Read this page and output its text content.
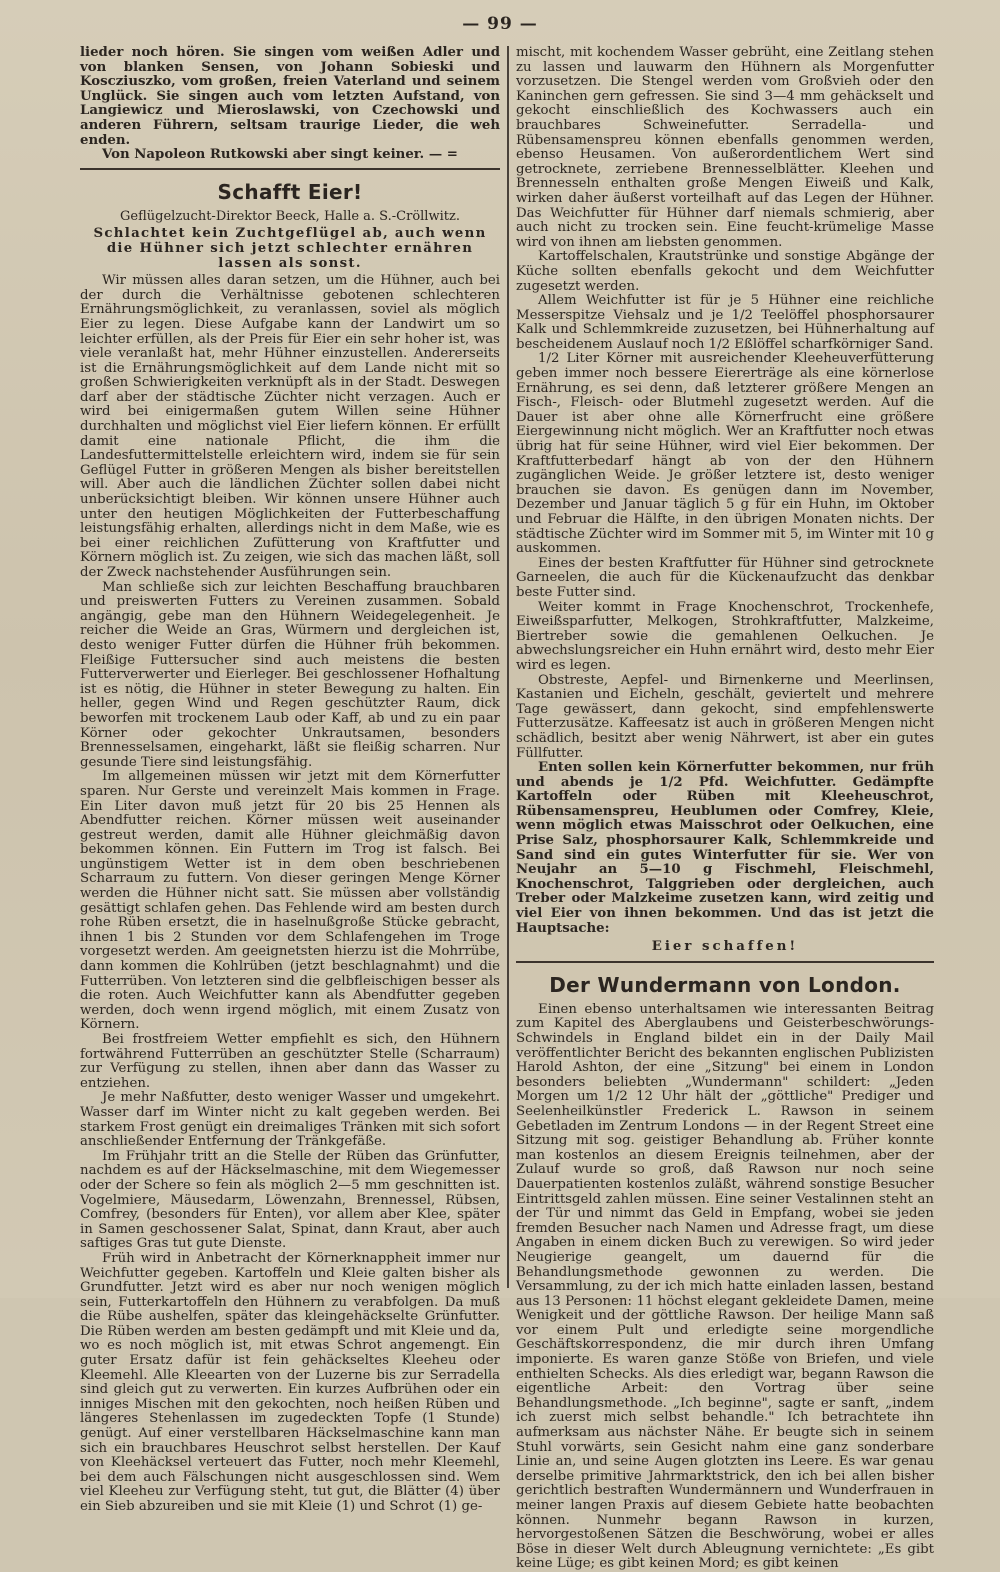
— 99 —

lieder noch hören. Sie singen vom weißen Adler und von blanken Sensen, von Johann Sobieski und Koscziuszko, vom großen, freien Vaterland und seinem Unglück. Sie singen auch vom letzten Aufstand, von Langiewicz und Mieroslawski, von Czechowski und anderen Führern, seltsam traurige Lieder, die weh enden.

Von Napoleon Rutkowski aber singt keiner. — =

Schafft Eier!

Geflügelzucht-Direktor Beeck, Halle a. S.-Cröllwitz.

Schlachtet kein Zuchtgeflügel ab, auch wenn die Hühner sich jetzt schlechter ernähren lassen als sonst.

Wir müssen alles daran setzen, um die Hühner, auch bei der durch die Verhältnisse gebotenen schlechteren Ernährungsmöglichkeit, zu veranlassen, soviel als möglich Eier zu legen. Diese Aufgabe kann der Landwirt um so leichter erfüllen, als der Preis für Eier ein sehr hoher ist, was viele veranlaßt hat, mehr Hühner einzustellen. Andererseits ist die Ernährungsmöglichkeit auf dem Lande nicht mit so großen Schwierigkeiten verknüpft als in der Stadt. Deswegen darf aber der städtische Züchter nicht verzagen. Auch er wird bei einigermaßen gutem Willen seine Hühner durchhalten und möglichst viel Eier liefern können. Er erfüllt damit eine nationale Pflicht, die ihm die Landesfuttermittelstelle erleichtern wird, indem sie für sein Geflügel Futter in größeren Mengen als bisher bereitstellen will. Aber auch die ländlichen Züchter sollen dabei nicht unberücksichtigt bleiben. Wir können unsere Hühner auch unter den heutigen Möglichkeiten der Futterbeschaffung leistungsfähig erhalten, allerdings nicht in dem Maße, wie es bei einer reichlichen Zufütterung von Kraftfutter und Körnern möglich ist. Zu zeigen, wie sich das machen läßt, soll der Zweck nachstehender Ausführungen sein.

Man schließe sich zur leichten Beschaffung brauchbaren und preiswerten Futters zu Vereinen zusammen. Sobald angängig, gebe man den Hühnern Weidegelegenheit. Je reicher die Weide an Gras, Würmern und dergleichen ist, desto weniger Futter dürfen die Hühner früh bekommen. Fleißige Futtersucher sind auch meistens die besten Futterverwerter und Eierleger. Bei geschlossener Hofhaltung ist es nötig, die Hühner in steter Bewegung zu halten. Ein heller, gegen Wind und Regen geschützter Raum, dick beworfen mit trockenem Laub oder Kaff, ab und zu ein paar Körner oder gekochter Unkrautsamen, besonders Brennesselsamen, eingeharkt, läßt sie fleißig scharren. Nur gesunde Tiere sind leistungsfähig.

Im allgemeinen müssen wir jetzt mit dem Körnerfutter sparen. Nur Gerste und vereinzelt Mais kommen in Frage. Ein Liter davon muß jetzt für 20 bis 25 Hennen als Abendfutter reichen. Körner müssen weit auseinander gestreut werden, damit alle Hühner gleichmäßig davon bekommen können. Ein Futtern im Trog ist falsch. Bei ungünstigem Wetter ist in dem oben beschriebenen Scharraum zu futtern. Von dieser geringen Menge Körner werden die Hühner nicht satt. Sie müssen aber vollständig gesättigt schlafen gehen. Das Fehlende wird am besten durch rohe Rüben ersetzt, die in haselnußgroße Stücke gebracht, ihnen 1 bis 2 Stunden vor dem Schlafengehen im Troge vorgesetzt werden. Am geeignetsten hierzu ist die Mohrrübe, dann kommen die Kohlrüben (jetzt beschlagnahmt) und die Futterrüben. Von letzteren sind die gelbfleischigen besser als die roten. Auch Weichfutter kann als Abendfutter gegeben werden, doch wenn irgend möglich, mit einem Zusatz von Körnern.

Bei frostfreiem Wetter empfiehlt es sich, den Hühnern fortwährend Futterrüben an geschützter Stelle (Scharraum) zur Verfügung zu stellen, ihnen aber dann das Wasser zu entziehen.

Je mehr Naßfutter, desto weniger Wasser und umgekehrt. Wasser darf im Winter nicht zu kalt gegeben werden. Bei starkem Frost genügt ein dreimaliges Tränken mit sich sofort anschließender Entfernung der Tränkgefäße.

Im Frühjahr tritt an die Stelle der Rüben das Grünfutter, nachdem es auf der Häckselmaschine, mit dem Wiegemesser oder der Schere so fein als möglich 2—5 mm geschnitten ist. Vogelmiere, Mäusedarm, Löwenzahn, Brennessel, Rübsen, Comfrey, (besonders für Enten), vor allem aber Klee, später in Samen geschossener Salat, Spinat, dann Kraut, aber auch saftiges Gras tut gute Dienste.

Früh wird in Anbetracht der Körnerknappheit immer nur Weichfutter gegeben. Kartoffeln und Kleie galten bisher als Grundfutter. Jetzt wird es aber nur noch wenigen möglich sein, Futterkartoffeln den Hühnern zu verabfolgen. Da muß die Rübe aushelfen, später das kleingehäckselte Grünfutter. Die Rüben werden am besten gedämpft und mit Kleie und da, wo es noch möglich ist, mit etwas Schrot angemengt. Ein guter Ersatz dafür ist fein gehäckseltes Kleeheu oder Kleemehl. Alle Kleearten von der Luzerne bis zur Serradella sind gleich gut zu verwerten. Ein kurzes Aufbrühen oder ein inniges Mischen mit den gekochten, noch heißen Rüben und längeres Stehenlassen im zugedeckten Topfe (1 Stunde) genügt. Auf einer verstellbaren Häckselmaschine kann man sich ein brauchbares Heuschrot selbst herstellen. Der Kauf von Kleehäcksel verteuert das Futter, noch mehr Kleemehl, bei dem auch Fälschungen nicht ausgeschlossen sind. Wem viel Kleeheu zur Verfügung steht, tut gut, die Blätter (4) über ein Sieb abzureiben und sie mit Kleie (1) und Schrot (1) ge-

mischt, mit kochendem Wasser gebrüht, eine Zeitlang stehen zu lassen und lauwarm den Hühnern als Morgenfutter vorzusetzen. Die Stengel werden vom Großvieh oder den Kaninchen gern gefressen. Sie sind 3—4 mm gehäckselt und gekocht einschließlich des Kochwassers auch ein brauchbares Schweinefutter. Serradella- und Rübensamenspreu können ebenfalls genommen werden, ebenso Heusamen. Von außerordentlichem Wert sind getrocknete, zerriebene Brennesselblätter. Kleehen und Brennesseln enthalten große Mengen Eiweiß und Kalk, wirken daher äußerst vorteilhaft auf das Legen der Hühner. Das Weichfutter für Hühner darf niemals schmierig, aber auch nicht zu trocken sein. Eine feucht-krümelige Masse wird von ihnen am liebsten genommen.

Kartoffelschalen, Krautstrünke und sonstige Abgänge der Küche sollten ebenfalls gekocht und dem Weichfutter zugesetzt werden.

Allem Weichfutter ist für je 5 Hühner eine reichliche Messerspitze Viehsalz und je 1/2 Teelöffel phosphorsaurer Kalk und Schlemmkreide zuzusetzen, bei Hühnerhaltung auf bescheidenem Auslauf noch 1/2 Eßlöffel scharfkörniger Sand.

1/2 Liter Körner mit ausreichender Kleeheuverfütterung geben immer noch bessere Eiererträge als eine körnerlose Ernährung, es sei denn, daß letzterer größere Mengen an Fisch-, Fleisch- oder Blutmehl zugesetzt werden. Auf die Dauer ist aber ohne alle Körnerfrucht eine größere Eiergewinnung nicht möglich. Wer an Kraftfutter noch etwas übrig hat für seine Hühner, wird viel Eier bekommen. Der Kraftfutterbedarf hängt ab von der den Hühnern zugänglichen Weide. Je größer letztere ist, desto weniger brauchen sie davon. Es genügen dann im November, Dezember und Januar täglich 5 g für ein Huhn, im Oktober und Februar die Hälfte, in den übrigen Monaten nichts. Der städtische Züchter wird im Sommer mit 5, im Winter mit 10 g auskommen.

Eines der besten Kraftfutter für Hühner sind getrocknete Garneelen, die auch für die Kückenaufzucht das denkbar beste Futter sind.

Weiter kommt in Frage Knochenschrot, Trockenhefe, Eiweißsparfutter, Melkogen, Strohkraftfutter, Malzkeime, Biertreber sowie die gemahlenen Oelkuchen. Je abwechslungsreicher ein Huhn ernährt wird, desto mehr Eier wird es legen.

Obstreste, Aepfel- und Birnenkerne und Meerlinsen, Kastanien und Eicheln, geschält, geviertelt und mehrere Tage gewässert, dann gekocht, sind empfehlenswerte Futterzusätze. Kaffeesatz ist auch in größeren Mengen nicht schädlich, besitzt aber wenig Nährwert, ist aber ein gutes Füllfutter.

Enten sollen kein Körnerfutter bekommen, nur früh und abends je 1/2 Pfd. Weichfutter. Gedämpfte Kartoffeln oder Rüben mit Kleeheuschrot, Rübensamenspreu, Heublumen oder Comfrey, Kleie, wenn möglich etwas Maisschrot oder Oelkuchen, eine Prise Salz, phosphorsaurer Kalk, Schlemmkreide und Sand sind ein gutes Winterfutter für sie. Wer von Neujahr an 5—10 g Fischmehl, Fleischmehl, Knochenschrot, Talggrieben oder dergleichen, auch Treber oder Malzkeime zusetzen kann, wird zeitig und viel Eier von ihnen bekommen. Und das ist jetzt die Hauptsache:

Eier schaffen!

Der Wundermann von London.

Einen ebenso unterhaltsamen wie interessanten Beitrag zum Kapitel des Aberglaubens und Geisterbeschwörungs-Schwindels in England bildet ein in der Daily Mail veröffentlichter Bericht des bekannten englischen Publizisten Harold Ashton, der eine „Sitzung" bei einem in London besonders beliebten „Wundermann" schildert: „Jeden Morgen um 1/2 12 Uhr hält der „göttliche" Prediger und Seelenheilkünstler Frederick L. Rawson in seinem Gebetladen im Zentrum Londons — in der Regent Street eine Sitzung mit sog. geistiger Behandlung ab. Früher konnte man kostenlos an diesem Ereignis teilnehmen, aber der Zulauf wurde so groß, daß Rawson nur noch seine Dauerpatienten kostenlos zuläßt, während sonstige Besucher Eintrittsgeld zahlen müssen. Eine seiner Vestalinnen steht an der Tür und nimmt das Geld in Empfang, wobei sie jeden fremden Besucher nach Namen und Adresse fragt, um diese Angaben in einem dicken Buch zu verewigen. So wird jeder Neugierige geangelt, um dauernd für die Behandlungsmethode gewonnen zu werden. Die Versammlung, zu der ich mich hatte einladen lassen, bestand aus 13 Personen: 11 höchst elegant gekleidete Damen, meine Wenigkeit und der göttliche Rawson. Der heilige Mann saß vor einem Pult und erledigte seine morgendliche Geschäftskorrespondenz, die mir durch ihren Umfang imponierte. Es waren ganze Stöße von Briefen, und viele enthielten Schecks. Als dies erledigt war, begann Rawson die eigentliche Arbeit: den Vortrag über seine Behandlungsmethode. „Ich beginne", sagte er sanft, „indem ich zuerst mich selbst behandle." Ich betrachtete ihn aufmerksam aus nächster Nähe. Er beugte sich in seinem Stuhl vorwärts, sein Gesicht nahm eine ganz sonderbare Linie an, und seine Augen glotzten ins Leere. Es war genau derselbe primitive Jahrmarktstrick, den ich bei allen bisher gerichtlich bestraften Wundermännern und Wunderfrauen in meiner langen Praxis auf diesem Gebiete hatte beobachten können. Nunmehr begann Rawson in kurzen, hervorgestoßenen Sätzen die Beschwörung, wobei er alles Böse in dieser Welt durch Ableugnung vernichtete: „Es gibt keine Lüge; es gibt keinen Mord; es gibt keinen
